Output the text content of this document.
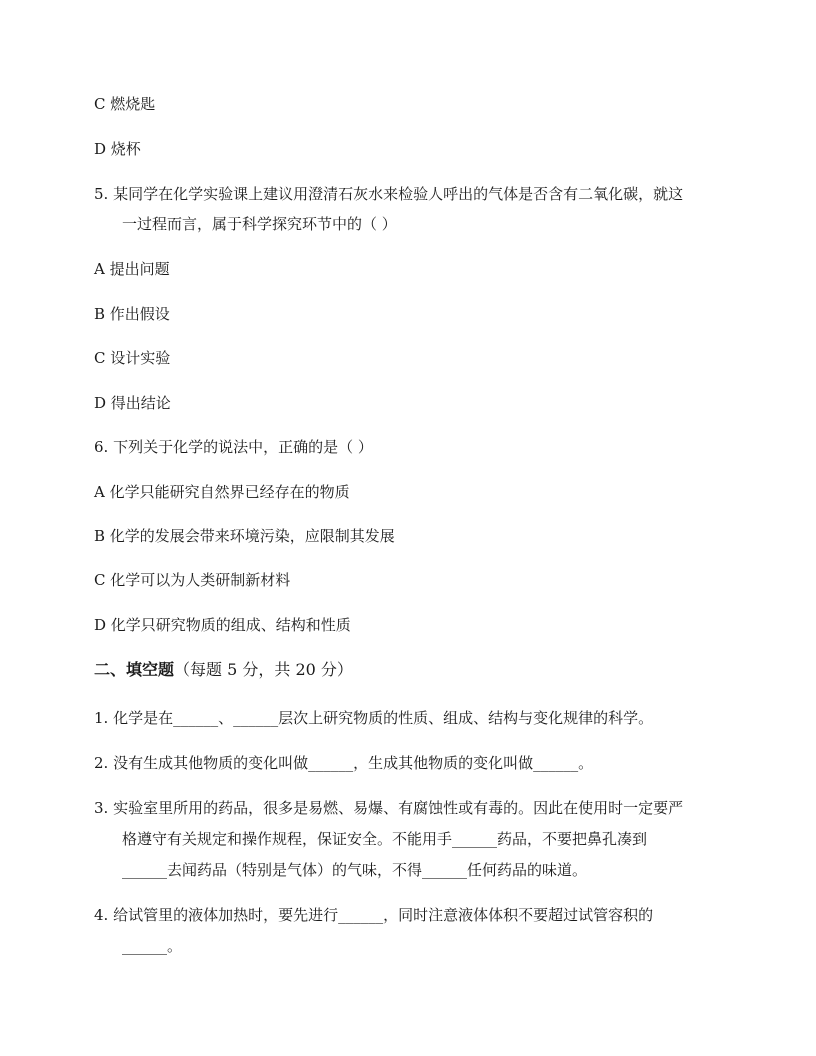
C 燃烧匙
D 烧杯
5. 某同学在化学实验课上建议用澄清石灰水来检验人呼出的气体是否含有二氧化碳，就这
一过程而言，属于科学探究环节中的（ ）
A 提出问题
B 作出假设
C 设计实验
D 得出结论
6. 下列关于化学的说法中，正确的是（ ）
A 化学只能研究自然界已经存在的物质
B 化学的发展会带来环境污染，应限制其发展
C 化学可以为人类研制新材料
D 化学只研究物质的组成、结构和性质
二、填空题（每题 5 分，共 20 分）
1. 化学是在______、______层次上研究物质的性质、组成、结构与变化规律的科学。
2. 没有生成其他物质的变化叫做______，生成其他物质的变化叫做______。
3. 实验室里所用的药品，很多是易燃、易爆、有腐蚀性或有毒的。因此在使用时一定要严
格遵守有关规定和操作规程，保证安全。不能用手______药品，不要把鼻孔凑到
______去闻药品（特别是气体）的气味，不得______任何药品的味道。
4. 给试管里的液体加热时，要先进行______，同时注意液体体积不要超过试管容积的
______。
